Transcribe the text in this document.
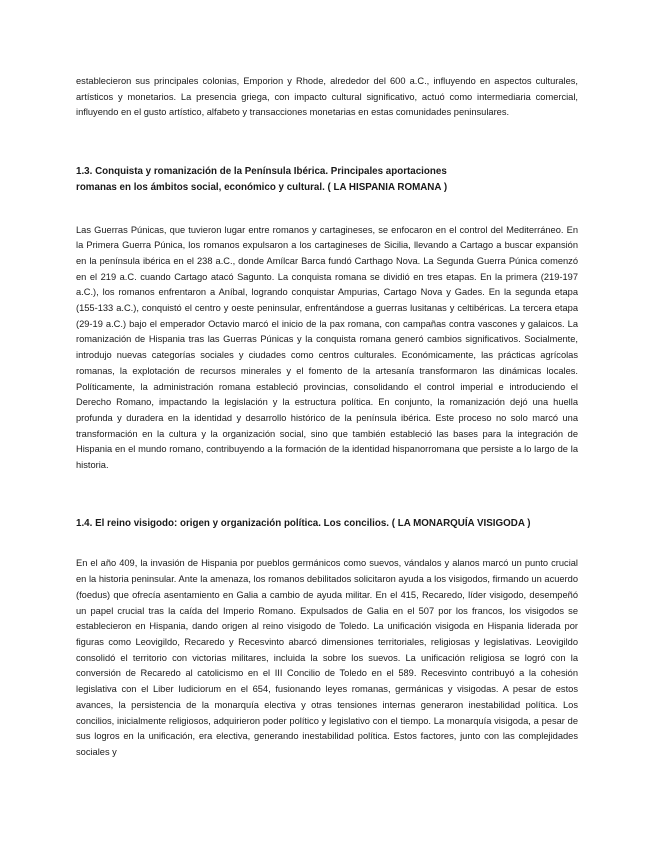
establecieron sus principales colonias, Emporion y Rhode, alrededor del 600 a.C., influyendo en aspectos culturales, artísticos y monetarios. La presencia griega, con impacto cultural significativo, actuó como intermediaria comercial, influyendo en el gusto artístico, alfabeto y transacciones monetarias en estas comunidades peninsulares.

1.3. Conquista y romanización de la Península Ibérica. Principales aportaciones
romanas en los ámbitos social, económico y cultural. ( LA HISPANIA ROMANA )

Las Guerras Púnicas, que tuvieron lugar entre romanos y cartagineses, se enfocaron en el control del Mediterráneo. En la Primera Guerra Púnica, los romanos expulsaron a los cartagineses de Sicilia, llevando a Cartago a buscar expansión en la península ibérica en el 238 a.C., donde Amílcar Barca fundó Carthago Nova. La Segunda Guerra Púnica comenzó en el 219 a.C. cuando Cartago atacó Sagunto. La conquista romana se dividió en tres etapas. En la primera (219-197 a.C.), los romanos enfrentaron a Aníbal, logrando conquistar Ampurias, Cartago Nova y Gades. En la segunda etapa (155-133 a.C.), conquistó el centro y oeste peninsular, enfrentándose a guerras lusitanas y celtibéricas. La tercera etapa (29-19 a.C.) bajo el emperador Octavio marcó el inicio de la pax romana, con campañas contra vascones y galaicos. La romanización de Hispania tras las Guerras Púnicas y la conquista romana generó cambios significativos. Socialmente, introdujo nuevas categorías sociales y ciudades como centros culturales. Económicamente, las prácticas agrícolas romanas, la explotación de recursos minerales y el fomento de la artesanía transformaron las dinámicas locales. Políticamente, la administración romana estableció provincias, consolidando el control imperial e introduciendo el Derecho Romano, impactando la legislación y la estructura política. En conjunto, la romanización dejó una huella profunda y duradera en la identidad y desarrollo histórico de la península ibérica. Este proceso no solo marcó una transformación en la cultura y la organización social, sino que también estableció las bases para la integración de Hispania en el mundo romano, contribuyendo a la formación de la identidad hispanorromana que persiste a lo largo de la historia.

1.4. El reino visigodo: origen y organización política. Los concilios. ( LA MONARQUÍA VISIGODA )

En el año 409, la invasión de Hispania por pueblos germánicos como suevos, vándalos y alanos marcó un punto crucial en la historia peninsular. Ante la amenaza, los romanos debilitados solicitaron ayuda a los visigodos, firmando un acuerdo (foedus) que ofrecía asentamiento en Galia a cambio de ayuda militar. En el 415, Recaredo, líder visigodo, desempeñó un papel crucial tras la caída del Imperio Romano. Expulsados de Galia en el 507 por los francos, los visigodos se establecieron en Hispania, dando origen al reino visigodo de Toledo. La unificación visigoda en Hispania liderada por figuras como Leovigildo, Recaredo y Recesvinto abarcó dimensiones territoriales, religiosas y legislativas. Leovigildo consolidó el territorio con victorias militares, incluida la sobre los suevos. La unificación religiosa se logró con la conversión de Recaredo al catolicismo en el III Concilio de Toledo en el 589. Recesvinto contribuyó a la cohesión legislativa con el Liber Iudiciorum en el 654, fusionando leyes romanas, germánicas y visigodas. A pesar de estos avances, la persistencia de la monarquía electiva y otras tensiones internas generaron inestabilidad política. Los concilios, inicialmente religiosos, adquirieron poder político y legislativo con el tiempo. La monarquía visigoda, a pesar de sus logros en la unificación, era electiva, generando inestabilidad política. Estos factores, junto con las complejidades sociales y
